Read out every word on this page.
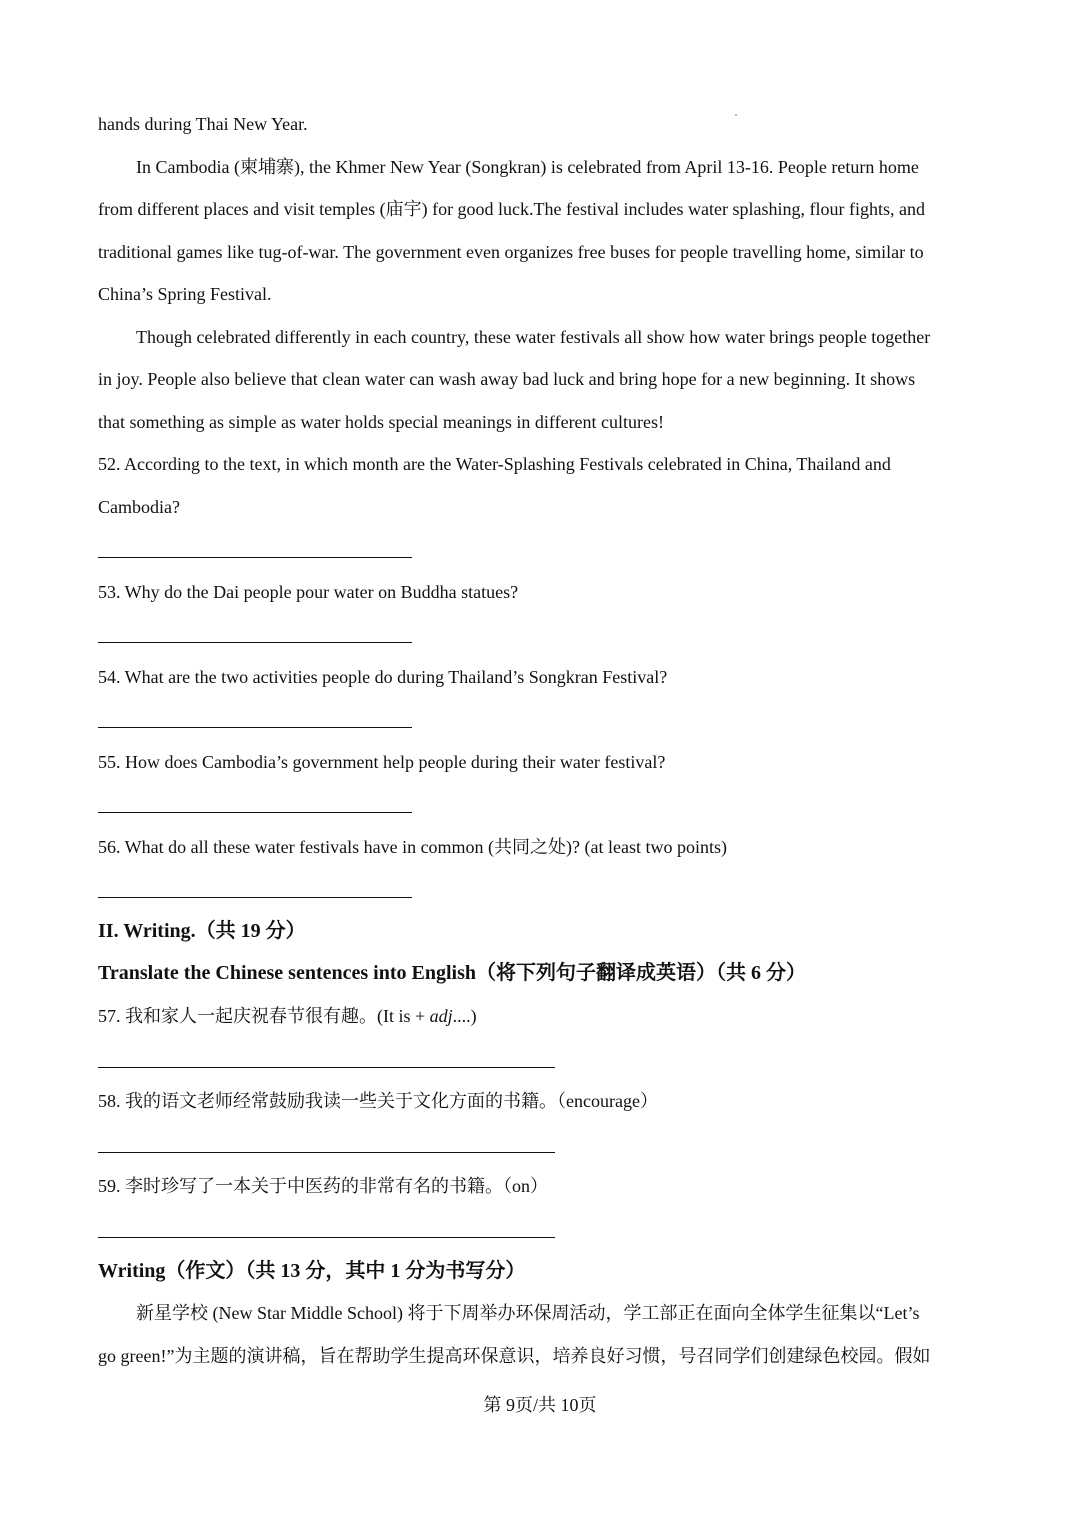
hands during Thai New Year.
In Cambodia (柬埔寨), the Khmer New Year (Songkran) is celebrated from April 13-16. People return home
from different places and visit temples (庙宇) for good luck.The festival includes water splashing, flour fights, and
traditional games like tug-of-war. The government even organizes free buses for people travelling home, similar to
China’s Spring Festival.
Though celebrated differently in each country, these water festivals all show how water brings people together
in joy. People also believe that clean water can wash away bad luck and bring hope for a new beginning. It shows
that something as simple as water holds special meanings in different cultures!
52. According to the text, in which month are the Water-Splashing Festivals celebrated in China, Thailand and
Cambodia?
53. Why do the Dai people pour water on Buddha statues?
54. What are the two activities people do during Thailand’s Songkran Festival?
55. How does Cambodia’s government help people during their water festival?
56. What do all these water festivals have in common (共同之处)? (at least two points)
II. Writing.（共 19 分）
Translate the Chinese sentences into English（将下列句子翻译成英语）（共 6 分）
57. 我和家人一起庆祝春节很有趣。(It is + adj....)
58. 我的语文老师经常鼓励我读一些关于文化方面的书籍。（encourage）
59. 李时珍写了一本关于中医药的非常有名的书籍。（on）
Writing（作文）（共 13 分，其中 1 分为书写分）
新星学校 (New Star Middle School) 将于下周举办环保周活动，学工部正在面向全体学生征集以“Let’s
go green!”为主题的演讲稿，旨在帮助学生提高环保意识，培养良好习惯，号召同学们创建绿色校园。假如
第 9页/共 10页
